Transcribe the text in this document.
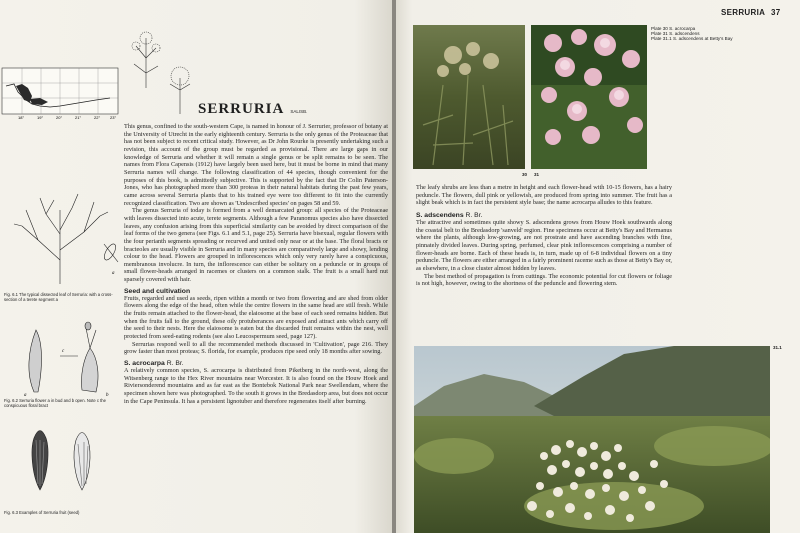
18°	19°	20°	21°	22° 23°
SERRURIA SALISB.

This genus, confined to the south-western Cape, is named in honour of J. Serrurier, professor of botany at the University of Utrecht in the early eighteenth century. Serruria is the only genus of the Proteaceae that has not been subject to recent critical study. However, as Dr John Rourke is presently undertaking such a revision, this account of the group must be regarded as provisional. There are large gaps in our knowledge of Serruria and whether it will remain a single genus or be split remains to be seen. The names from Flora Capensis (1912) have largely been used here, but it must be borne in mind that many Serruria names will change. The following classification of 44 species, though convenient for the purposes of this book, is admittedly subjective. This is supported by the fact that Dr Colin Paterson-Jones, who has photographed more than 300 proteas in their natural habitats during the past few years, came across several Serruria plants that to his trained eye were too different to fit into the currently recognized classification. Two are shown as 'Undescribed species' on pages 58 and 59.

The genus Serruria of today is formed from a well demarcated group: all species of the Proteaceae with leaves dissected into acute, terete segments. Although a few Paranomus species also have dissected leaves, any confusion arising from this superficial similarity can be avoided by direct comparison of the leaf forms of the two genera (see Figs. 6.1 and 5.1, page 25). Serruria have bisexual, regular flowers with the four perianth segments spreading or recurved and united only near or at the base. The floral bracts or bracteoles are usually visible in Serruria and in many species are comparatively large and showy, lending colour to the head. Flowers are grouped in inflorescences which only very rarely have a conspicuous, membranous involucre. In turn, the inflorescence can either be solitary on a peduncle or in groups of small flower-heads arranged in racemes or clusters on a common stalk. The fruit is a small hard nut sparsely covered with hair.

Seed and cultivation

Fruits, regarded and used as seeds, ripen within a month or two from flowering and are shed from older flowers along the edge of the head, often while the centre flowers in the same head are still fresh. While the fruits remain attached to the flower-head, the elaiosome at the base of each seed remains hidden. But when the fruits fall to the ground, these oily protuberances are exposed and attract ants which carry off the seed to their nests. Here the elaiosome is eaten but the discarded fruit remains within the nest, well protected from seed-eating rodents (see also Leucospermum seed, page 127).

Serrurias respond well to all the recommended methods discussed in 'Cultivation', page 216. They grow faster than most proteas; S. florida, for example, produces ripe seed only 18 months after sowing.

S. acrocarpa R. Br.

A relatively common species, S. acrocarpa is distributed from Piketberg in the north-west, along the Witsenberg range to the Hex River mountains near Worcester. It is also found on the Houw Hoek and Riviersonderend mountains and as far east as the Bontebok National Park near Swellendam, where the specimen shown here was photographed. To the south it grows in the Bredasdorp area, but does not occur in the Cape Peninsula. It has a persistent lignotuber and therefore regenerates itself after burning.

a
Fig. 6.1 The typical dissected leaf of Serruria: with a cross-section of a terete segment a
a	b
c
Fig. 6.2 Serruria flower a in bud and b open. Note c the conspicuous floral bract
Fig. 6.3 Examples of Serruria fruit (seed)
SERRURIA 37
Plate 30 S. acrocarpa
Plate 31 S. adscendens
Plate 31.1 S. adscendens at Betty's Bay
30 31

The leafy shrubs are less than a metre in height and each flower-head with 10-15 flowers, has a hairy peduncle. The flowers, dull pink or yellowish, are produced from spring into summer. The fruit has a slight beak which is in fact the persistent style base; the name acrocarpa alludes to this feature.

S. adscendens R. Br.

The attractive and sometimes quite showy S. adscendens grows from Houw Hoek southwards along the coastal belt to the Bredasdorp 'sanveld' region. Fine specimens occur at Betty's Bay and Hermanus where the plants, although low-growing, are not prostrate and have ascending branches with fine, pinnately divided leaves. During spring, perfumed, clear pink inflorescences comprising a number of flower-heads are borne. Each of these heads is, in turn, made up of 6-8 individual flowers on a tiny peduncle. The flowers are either arranged in a fairly prominent raceme such as those at Betty's Bay or, as elsewhere, in a close cluster almost hidden by leaves.

The best method of propagation is from cuttings. The economic potential for cut flowers or foliage is not high, however, owing to the shortness of the peduncle and flowering stem.

31.1
